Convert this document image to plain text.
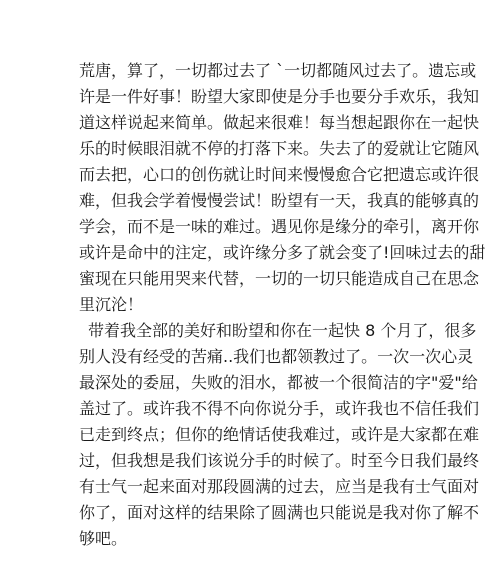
荒唐，算了，一切都过去了 `一切都随风过去了。遗忘或
许是一件好事！盼望大家即使是分手也要分手欢乐，我知
道这样说起来简单。做起来很难！每当想起跟你在一起快
乐的时候眼泪就不停的打落下来。失去了的爱就让它随风
而去把，心口的创伤就让时间来慢慢愈合它把遗忘或许很
难，但我会学着慢慢尝试！盼望有一天，我真的能够真的
学会，而不是一味的难过。遇见你是缘分的牵引，离开你
或许是命中的注定，或许缘分多了就会变了!回味过去的甜
蜜现在只能用哭来代替，一切的一切只能造成自己在思念
里沉沦！
带着我全部的美好和盼望和你在一起快 8 个月了，很多
别人没有经受的苦痛..我们也都领教过了。一次一次心灵
最深处的委屈，失败的泪水，都被一个很简洁的字"爱"给
盖过了。或许我不得不向你说分手，或许我也不信任我们
已走到终点；但你的绝情话使我难过，或许是大家都在难
过，但我想是我们该说分手的时候了。时至今日我们最终
有士气一起来面对那段圆满的过去，应当是我有士气面对
你了，面对这样的结果除了圆满也只能说是我对你了解不
够吧。
